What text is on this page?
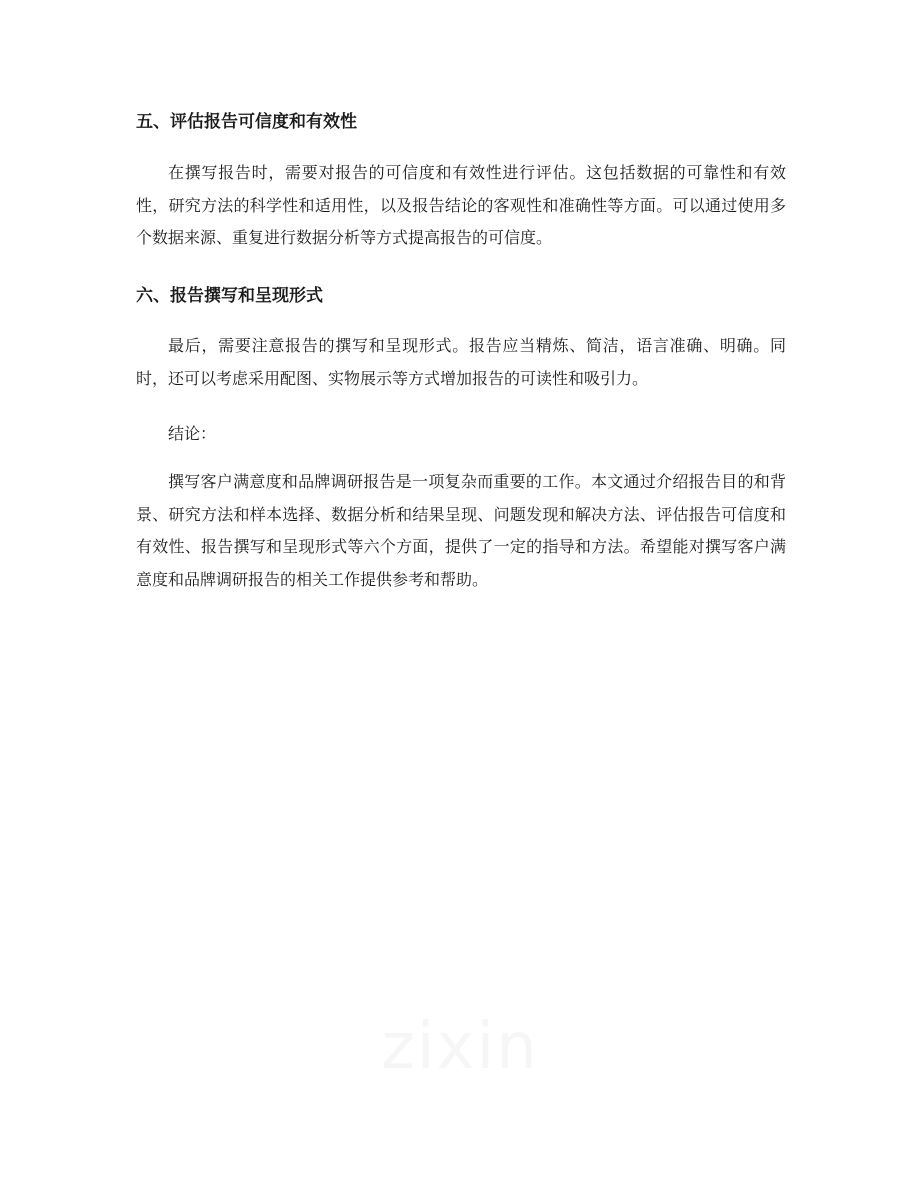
五、评估报告可信度和有效性

在撰写报告时，需要对报告的可信度和有效性进行评估。这包括数据的可靠性和有效性，研究方法的科学性和适用性，以及报告结论的客观性和准确性等方面。可以通过使用多个数据来源、重复进行数据分析等方式提高报告的可信度。

六、报告撰写和呈现形式

最后，需要注意报告的撰写和呈现形式。报告应当精炼、简洁，语言准确、明确。同时，还可以考虑采用配图、实物展示等方式增加报告的可读性和吸引力。

结论：

撰写客户满意度和品牌调研报告是一项复杂而重要的工作。本文通过介绍报告目的和背景、研究方法和样本选择、数据分析和结果呈现、问题发现和解决方法、评估报告可信度和有效性、报告撰写和呈现形式等六个方面，提供了一定的指导和方法。希望能对撰写客户满意度和品牌调研报告的相关工作提供参考和帮助。
